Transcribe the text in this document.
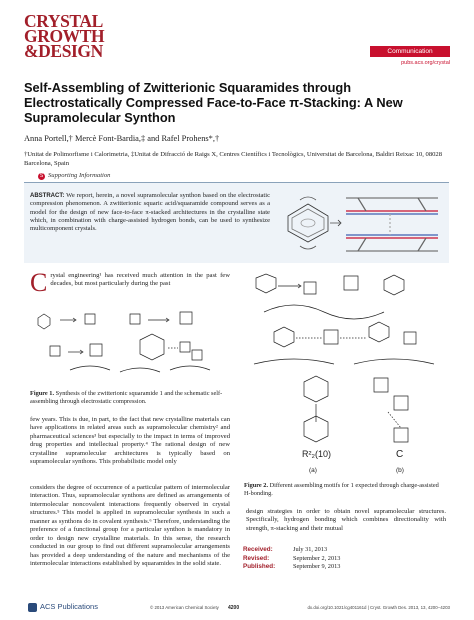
CRYSTAL
GROWTH
&DESIGN	Communication
pubs.acs.org/crystal
Self-Assembling of Zwitterionic Squaramides through Electrostatically Compressed Face-to-Face π-Stacking: A New Supramolecular Synthon
Anna Portell,† Mercè Font-Bardia,‡ and Rafel Prohens*,†
†Unitat de Polimorfisme i Calorimetria, ‡Unitat de Difracció de Raigs X, Centres Científics i Tecnològics, Universitat de Barcelona, Baldiri Reixac 10, 08028 Barcelona, Spain
S Supporting Information
ABSTRACT: We report, herein, a novel supramolecular synthon based on the electrostatic compression phenomenon. A zwitterionic squaric acid/squaramide compound serves as a model for the design of new face-to-face π-stacked architectures in the crystalline state which, in combination with charge-assisted hydrogen bonds, can be used to synthesize multicomponent crystals.
Crystal engineering¹ has received much attention in the past few decades, but most particularly during the past
Figure 1. Synthesis of the zwitterionic squaramide 1 and the schematic self-assembling through electrostatic compression.
few years. This is due, in part, to the fact that new crystalline materials can have applications in related areas such as supramolecular chemistry² and pharmaceutical sciences³ but especially to the impact in terms of improved drug properties and intellectual property.⁴ The rational design of new crystalline supramolecular architectures is typically based on supramolecular synthons. This probabilistic model only
R²₂(10)	C
(a)	(b)
Figure 2. Different assembling motifs for 1 expected through charge-assisted H-bonding.
considers the degree of occurrence of a particular pattern of intermolecular interaction. Thus, supramolecular synthons are defined as arrangements of intermolecular noncovalent interactions frequently observed in crystal structures.⁵ This model is applied in supramolecular synthesis in such a manner as synthons do in covalent synthesis.⁶ Therefore, understanding the preference of a functional group for a particular synthon is mandatory in order to design new crystalline materials. In this sense, the research conducted in our group to find out different supramolecular arrangements has provided a deep understanding of the nature and mechanisms of the intermolecular interactions established by squaramides in the solid state.
design strategies in order to obtain novel supramolecular structures. Specifically, hydrogen bonding which combines directionality with strength, π-stacking and their mutual
Received:	July 31, 2013
Revised:	September 2, 2013
Published:	September 9, 2013
ACS Publications	© 2013 American Chemical Society 4200	dx.doi.org/10.1021/cg401161d | Cryst. Growth Des. 2013, 13, 4200−4203
